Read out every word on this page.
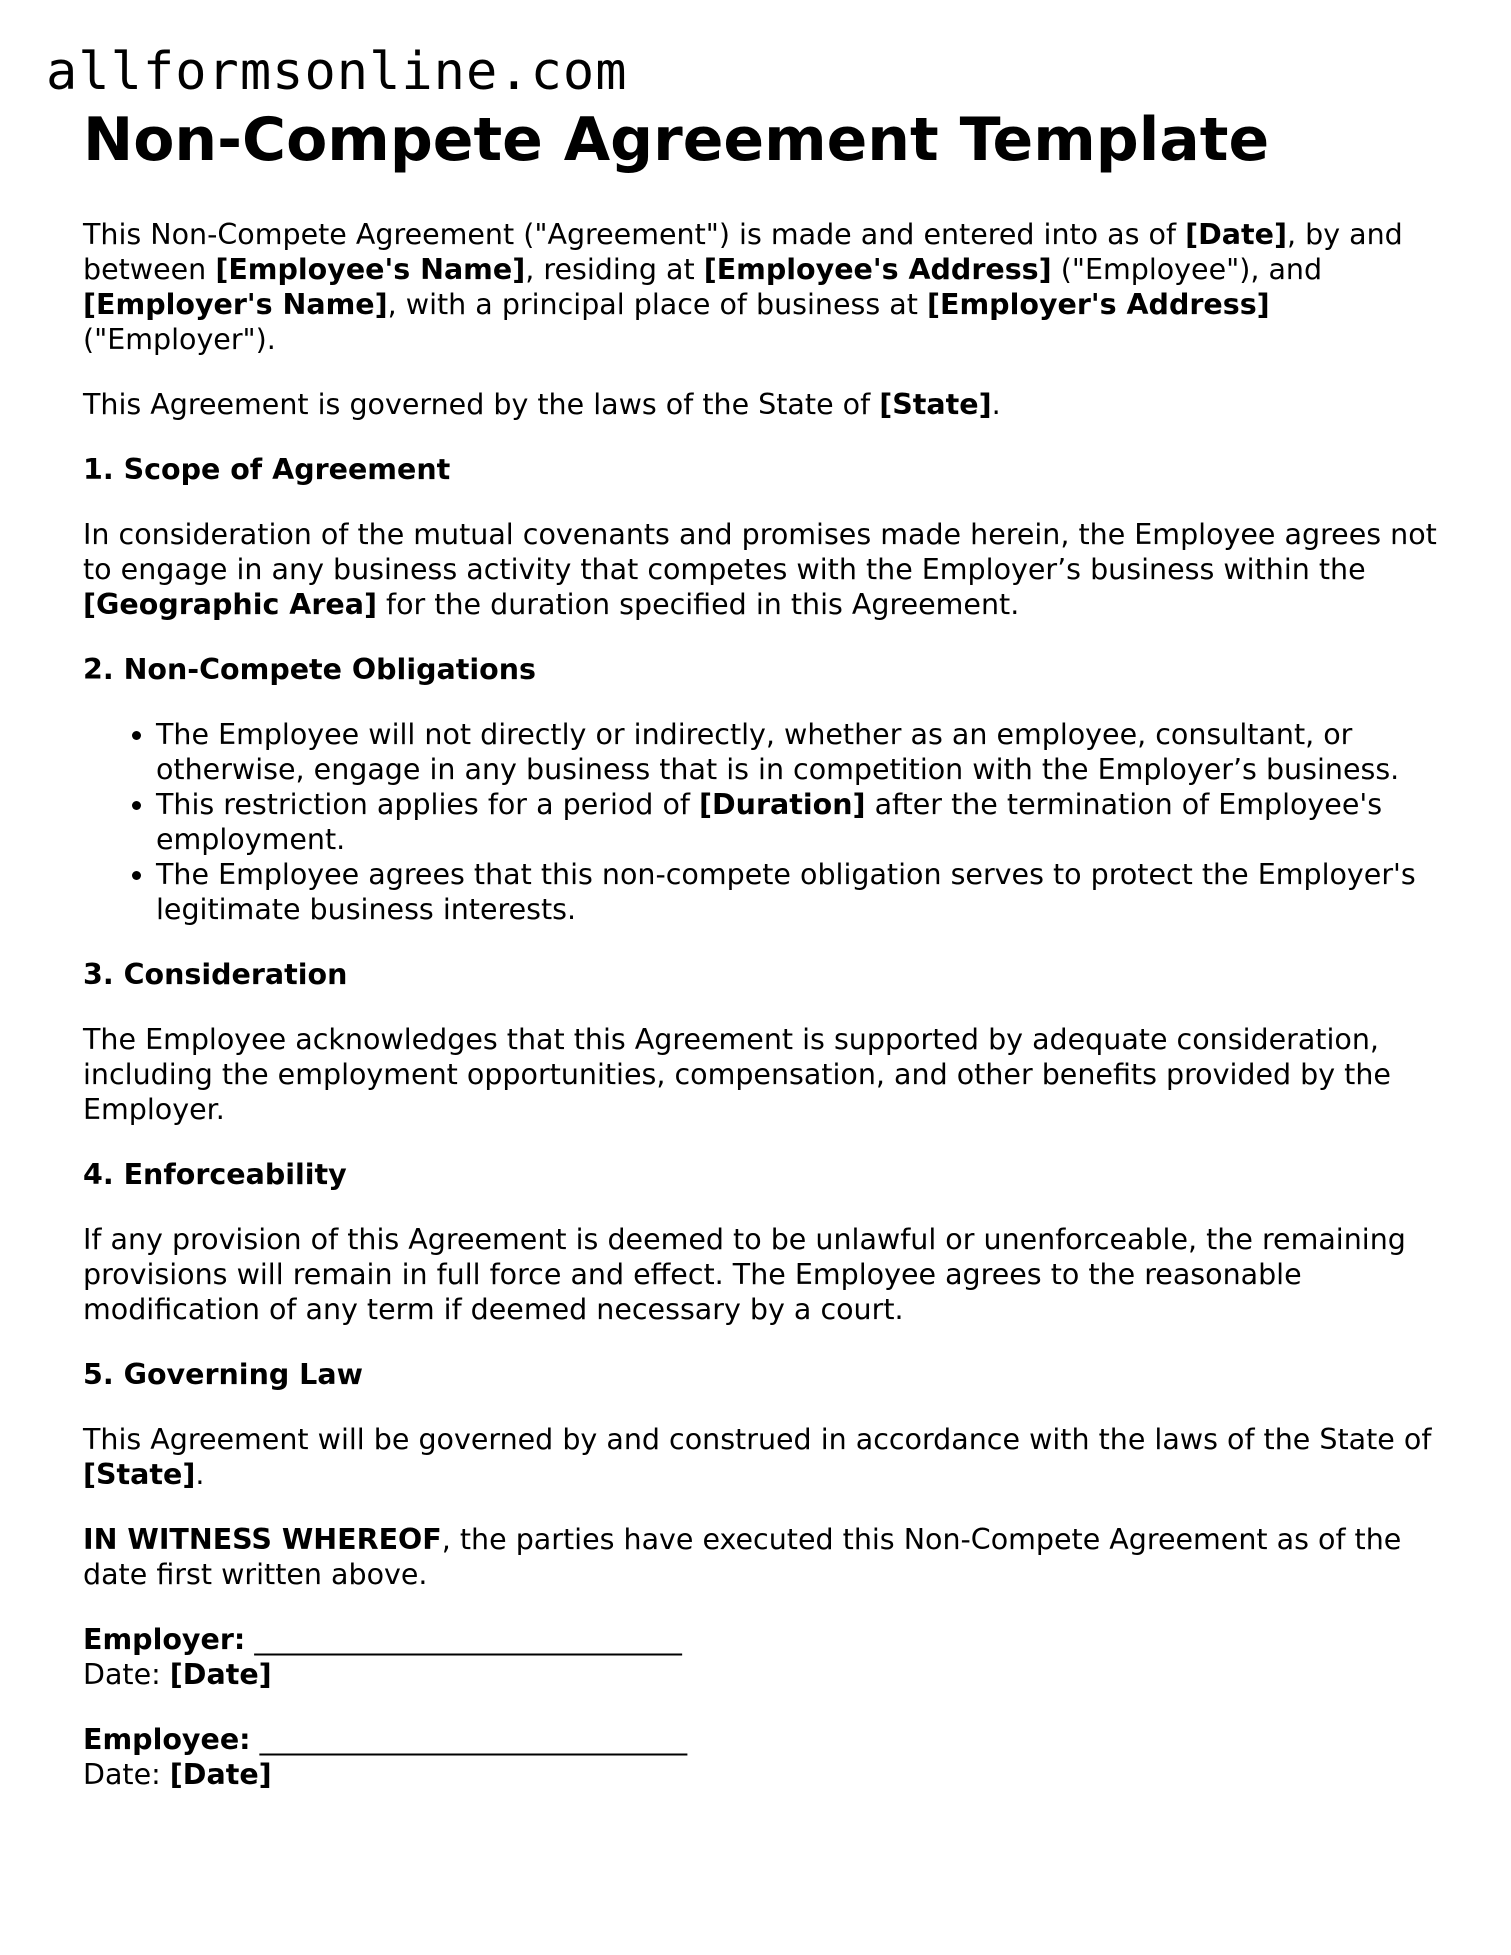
allformsonline.com
Non-Compete Agreement Template

This Non-Compete Agreement ("Agreement") is made and entered into as of [Date], by and between [Employee's Name], residing at [Employee's Address] ("Employee"), and [Employer's Name], with a principal place of business at [Employer's Address] ("Employer").

This Agreement is governed by the laws of the State of [State].

1. Scope of Agreement

In consideration of the mutual covenants and promises made herein, the Employee agrees not to engage in any business activity that competes with the Employer’s business within the [Geographic Area] for the duration specified in this Agreement.

2. Non-Compete Obligations
• The Employee will not directly or indirectly, whether as an employee, consultant, or otherwise, engage in any business that is in competition with the Employer’s business.
• This restriction applies for a period of [Duration] after the termination of Employee's employment.
• The Employee agrees that this non-compete obligation serves to protect the Employer's legitimate business interests.
3. Consideration

The Employee acknowledges that this Agreement is supported by adequate consideration, including the employment opportunities, compensation, and other benefits provided by the Employer.

4. Enforceability

If any provision of this Agreement is deemed to be unlawful or unenforceable, the remaining provisions will remain in full force and effect. The Employee agrees to the reasonable modification of any term if deemed necessary by a court.

5. Governing Law

This Agreement will be governed by and construed in accordance with the laws of the State of [State].

IN WITNESS WHEREOF, the parties have executed this Non-Compete Agreement as of the date first written above.

Employer: ______________________________
Date: [Date]
Employee: ______________________________
Date: [Date]
